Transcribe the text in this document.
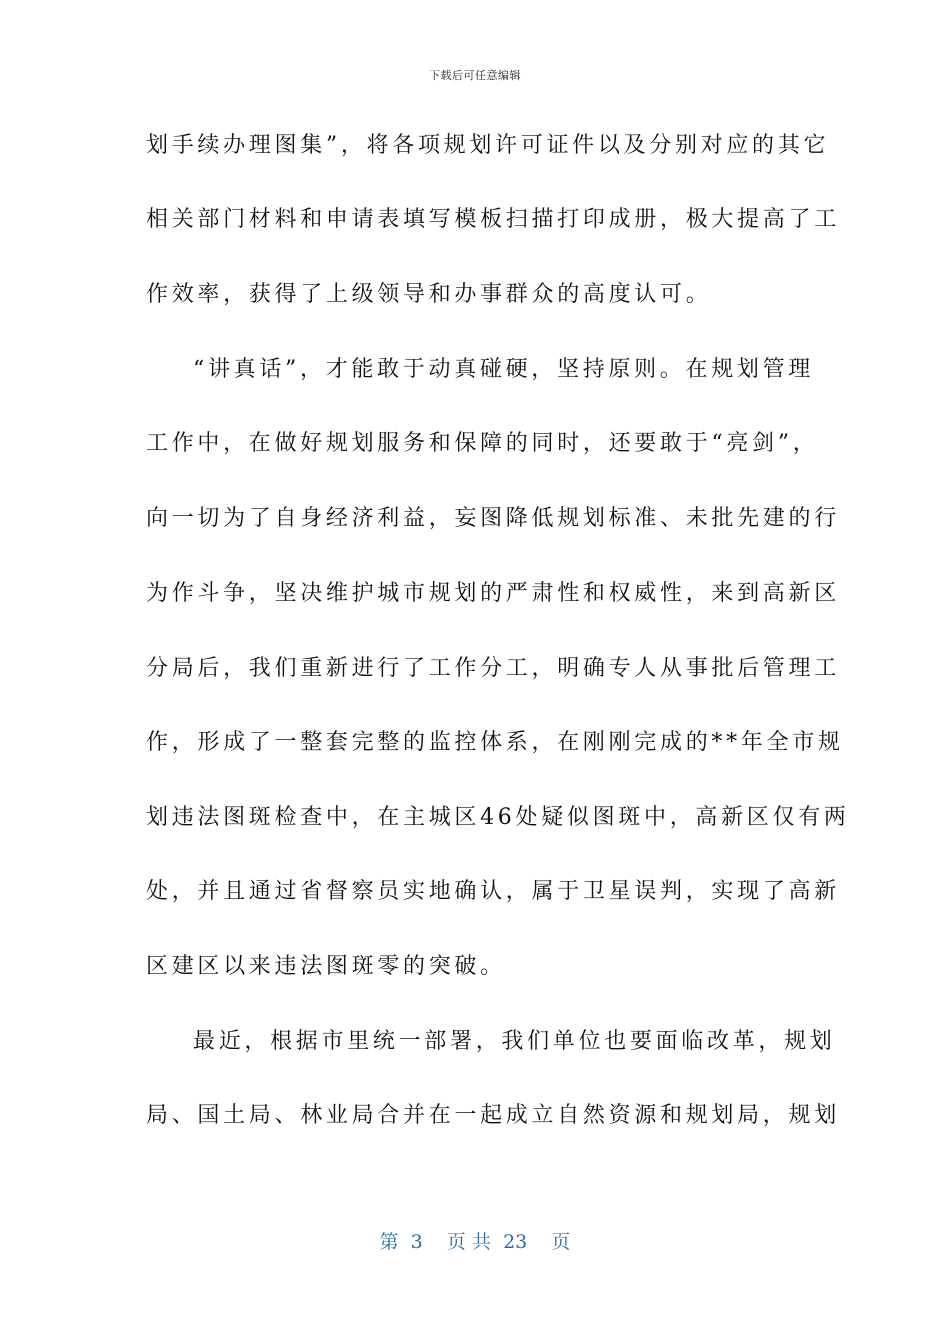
下载后可任意编辑
划手续办理图集”，将各项规划许可证件以及分别对应的其它
相关部门材料和申请表填写模板扫描打印成册，极大提高了工
作效率，获得了上级领导和办事群众的高度认可。
“讲真话”，才能敢于动真碰硬，坚持原则。在规划管理
工作中，在做好规划服务和保障的同时，还要敢于“亮剑”，
向一切为了自身经济利益，妄图降低规划标准、未批先建的行
为作斗争，坚决维护城市规划的严肃性和权威性，来到高新区
分局后，我们重新进行了工作分工，明确专人从事批后管理工
作，形成了一整套完整的监控体系，在刚刚完成的**年全市规
划违法图斑检查中，在主城区46处疑似图斑中，高新区仅有两
处，并且通过省督察员实地确认，属于卫星误判，实现了高新
区建区以来违法图斑零的突破。
最近，根据市里统一部署，我们单位也要面临改革，规划
局、国土局、林业局合并在一起成立自然资源和规划局，规划
第 3 页 共 23 页
